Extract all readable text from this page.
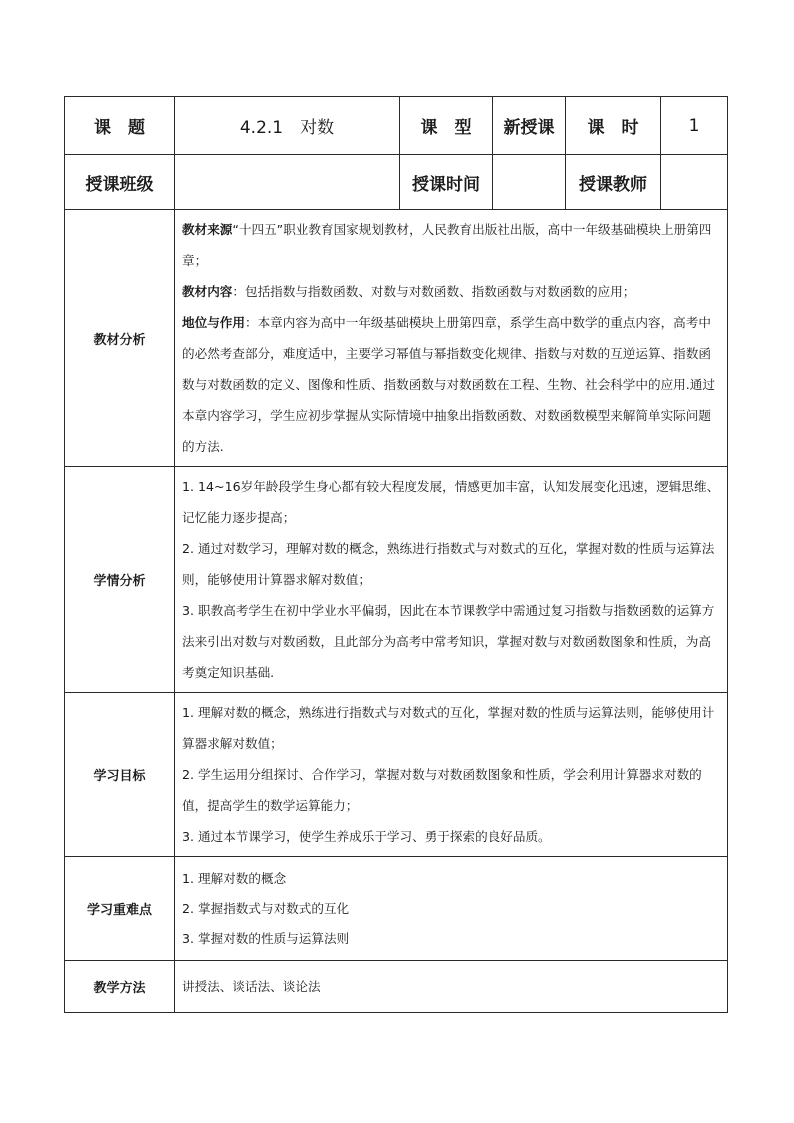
课　题	4.2.1　对数	课　型	新授课	课　时	1
授课班级		授课时间		授课教师	
教材分析	教材来源“十四五”职业教育国家规划教材，人民教育出版社出版，高中一年级基础模块上册第四章；

教材内容：包括指数与指数函数、对数与对数函数、指数函数与对数函数的应用；

地位与作用：本章内容为高中一年级基础模块上册第四章，系学生高中数学的重点内容，高考中的必然考查部分，难度适中，主要学习幂值与幂指数变化规律、指数与对数的互逆运算、指数函数与对数函数的定义、图像和性质、指数函数与对数函数在工程、生物、社会科学中的应用.通过本章内容学习，学生应初步掌握从实际情境中抽象出指数函数、对数函数模型来解简单实际问题的方法.				

学情分析	1. 14~16岁年龄段学生身心都有较大程度发展，情感更加丰富，认知发展变化迅速，逻辑思维、记忆能力逐步提高；

2. 通过对数学习，理解对数的概念，熟练进行指数式与对数式的互化，掌握对数的性质与运算法则，能够使用计算器求解对数值；

3. 职教高考学生在初中学业水平偏弱，因此在本节课教学中需通过复习指数与指数函数的运算方法来引出对数与对数函数，且此部分为高考中常考知识，掌握对数与对数函数图象和性质，为高考奠定知识基础.				

学习目标	1. 理解对数的概念，熟练进行指数式与对数式的互化，掌握对数的性质与运算法则，能够使用计算器求解对数值；

2. 学生运用分组探讨、合作学习，掌握对数与对数函数图象和性质，学会利用计算器求对数的值，提高学生的数学运算能力；

3. 通过本节课学习，使学生养成乐于学习、勇于探索的良好品质。				

学习重难点	1. 理解对数的概念

2. 掌握指数式与对数式的互化

3. 掌握对数的性质与运算法则				

教学方法	讲授法、谈话法、谈论法				
